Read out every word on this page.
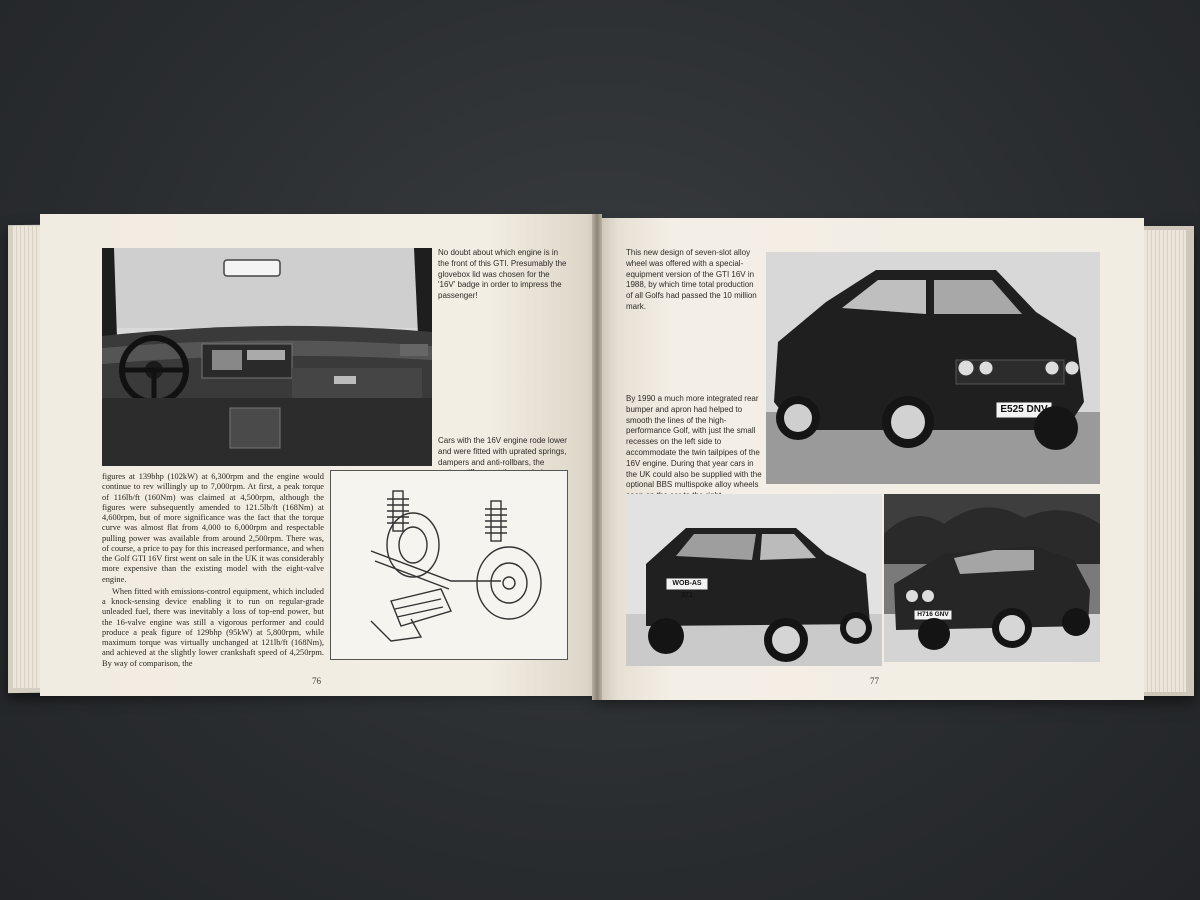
No doubt about which engine is in the front of this GTI. Presumably the glovebox lid was chosen for the '16V' badge in order to impress the passenger!
Cars with the 16V engine rode lower and were fitted with uprated springs, dampers and anti-rollbars, the

figures at 139bhp (102kW) at 6,300rpm and the engine would continue to rev willingly up to 7,000rpm. At first, a peak torque of 116lb/ft (160Nm) was claimed at 4,500rpm, although the figures were subsequently amended to 121.5lb/ft (168Nm) at 4,600rpm, but of more significance was the fact that the torque curve was almost flat from 4,000 to 6,000rpm and respectable pulling power was available from around 2,500rpm. There was, of course, a price to pay for this increased performance, and when the Golf GTI 16V first went on sale in the UK it was considerably more expensive than the existing model with the eight-valve engine.

When fitted with emissions-control equipment, which included a knock-sensing device enabling it to run on regular-grade unleaded fuel, there was inevitably a loss of top-end power, but the 16-valve engine was still a vigorous performer and could produce a peak figure of 129bhp (95kW) at 5,800rpm, while maximum torque was virtually unchanged at 121lb/ft (168Nm), and achieved at the slightly lower crankshaft speed of 4,250rpm. By way of comparison, the

76
This new design of seven-slot alloy wheel was offered with a special-equipment version of the GTI 16V in 1988, by which time total production of all Golfs had passed the 10 million mark.
By 1990 a much more integrated rear bumper and apron had helped to smooth the lines of the high-performance Golf, with just the small recesses on the left side to accommodate the twin tailpipes of the 16V engine. During that year cars in the UK could also be supplied with the optional BBS multispoke alloy wheels
E525 DNV
WOB-AS 371
H716 GNV
77
